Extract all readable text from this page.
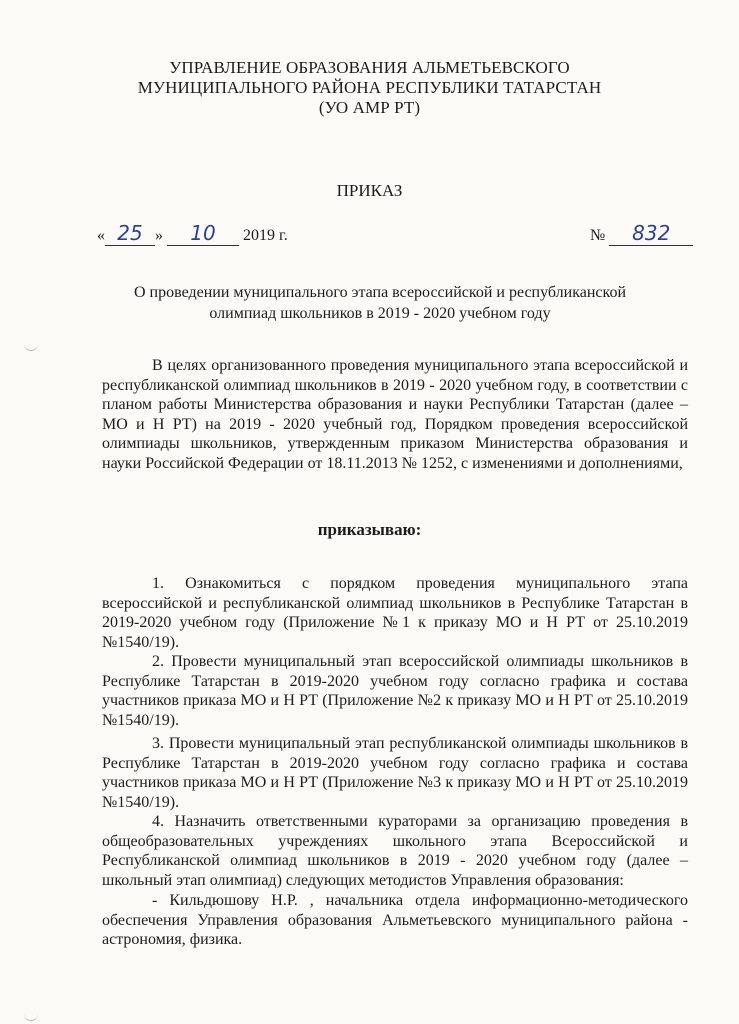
УПРАВЛЕНИЕ ОБРАЗОВАНИЯ АЛЬМЕТЬЕВСКОГО
МУНИЦИПАЛЬНОГО РАЙОНА РЕСПУБЛИКИ ТАТАРСТАН
(УО АМР РТ)
ПРИКАЗ
« 25 » 10 2019 г.	№ 832
О проведении муниципального этапа всероссийской и республиканской
олимпиад школьников в 2019 - 2020 учебном году
В целях организованного проведения муниципального этапа всероссийской и республиканской олимпиад школьников в 2019 - 2020 учебном году, в соответствии с планом работы Министерства образования и науки Республики Татарстан (далее – МО и Н РТ) на 2019 - 2020 учебный год, Порядком проведения всероссийской олимпиады школьников, утвержденным приказом Министерства образования и науки Российской Федерации от 18.11.2013 № 1252, с изменениями и дополнениями,
приказываю:
1. Ознакомиться с порядком проведения муниципального этапа всероссийской и республиканской олимпиад школьников в Республике Татарстан в 2019-2020 учебном году (Приложение №1 к приказу МО и Н РТ от 25.10.2019 №1540/19).
2. Провести муниципальный этап всероссийской олимпиады школьников в Республике Татарстан в 2019-2020 учебном году согласно графика и состава участников приказа МО и Н РТ (Приложение №2 к приказу МО и Н РТ от 25.10.2019 №1540/19).
3. Провести муниципальный этап республиканской олимпиады школьников в Республике Татарстан в 2019-2020 учебном году согласно графика и состава участников приказа МО и Н РТ (Приложение №3 к приказу МО и Н РТ от 25.10.2019 №1540/19).
4. Назначить ответственными кураторами за организацию проведения в общеобразовательных учреждениях школьного этапа Всероссийской и Республиканской олимпиад школьников в 2019 - 2020 учебном году (далее – школьный этап олимпиад) следующих методистов Управления образования:
- Кильдюшову Н.Р. , начальника отдела информационно-методического обеспечения Управления образования Альметьевского муниципального района - астрономия, физика.
